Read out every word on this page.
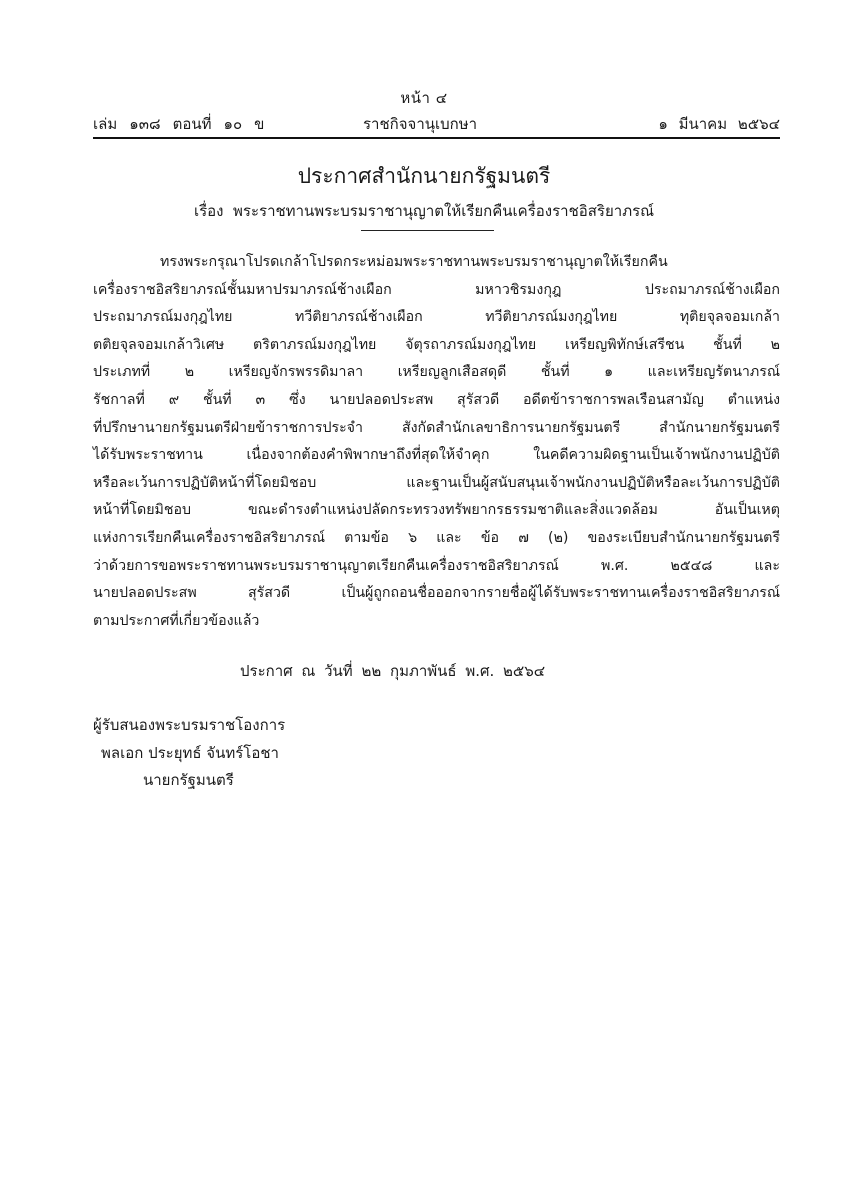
หน้า ๔
เล่ม ๑๓๘ ตอนที่ ๑๐ ข	ราชกิจจานุเบกษา	๑ มีนาคม ๒๕๖๔
ประกาศสำนักนายกรัฐมนตรี
เรื่อง พระราชทานพระบรมราชานุญาตให้เรียกคืนเครื่องราชอิสริยาภรณ์
ทรงพระกรุณาโปรดเกล้าโปรดกระหม่อมพระราชทานพระบรมราชานุญาตให้เรียกคืน
เครื่องราชอิสริยาภรณ์ชั้นมหาปรมาภรณ์ช้างเผือก มหาวชิรมงกุฎ ประถมาภรณ์ช้างเผือก
ประถมาภรณ์มงกุฎไทย ทวีติยาภรณ์ช้างเผือก ทวีติยาภรณ์มงกุฎไทย ทุติยจุลจอมเกล้า
ตติยจุลจอมเกล้าวิเศษ ตริตาภรณ์มงกุฎไทย จัตุรถาภรณ์มงกุฎไทย เหรียญพิทักษ์เสรีชน ชั้นที่ ๒
ประเภทที่ ๒ เหรียญจักรพรรดิมาลา เหรียญลูกเสือสดุดี ชั้นที่ ๑ และเหรียญรัตนาภรณ์
รัชกาลที่ ๙ ชั้นที่ ๓ ซึ่ง นายปลอดประสพ สุรัสวดี อดีตข้าราชการพลเรือนสามัญ ตำแหน่ง
ที่ปรึกษานายกรัฐมนตรีฝ่ายข้าราชการประจำ สังกัดสำนักเลขาธิการนายกรัฐมนตรี สำนักนายกรัฐมนตรี
ได้รับพระราชทาน เนื่องจากต้องคำพิพากษาถึงที่สุดให้จำคุก ในคดีความผิดฐานเป็นเจ้าพนักงานปฏิบัติ
หรือละเว้นการปฏิบัติหน้าที่โดยมิชอบ และฐานเป็นผู้สนับสนุนเจ้าพนักงานปฏิบัติหรือละเว้นการปฏิบัติ
หน้าที่โดยมิชอบ ขณะดำรงตำแหน่งปลัดกระทรวงทรัพยากรธรรมชาติและสิ่งแวดล้อม อันเป็นเหตุ
แห่งการเรียกคืนเครื่องราชอิสริยาภรณ์ ตามข้อ ๖ และ ข้อ ๗ (๒) ของระเบียบสำนักนายกรัฐมนตรี
ว่าด้วยการขอพระราชทานพระบรมราชานุญาตเรียกคืนเครื่องราชอิสริยาภรณ์ พ.ศ. ๒๕๔๘ และ
นายปลอดประสพ สุรัสวดี เป็นผู้ถูกถอนชื่อออกจากรายชื่อผู้ได้รับพระราชทานเครื่องราชอิสริยาภรณ์
ตามประกาศที่เกี่ยวข้องแล้ว
ประกาศ ณ วันที่ ๒๒ กุมภาพันธ์ พ.ศ. ๒๕๖๔
ผู้รับสนองพระบรมราชโองการ
พลเอก ประยุทธ์ จันทร์โอชา
นายกรัฐมนตรี
